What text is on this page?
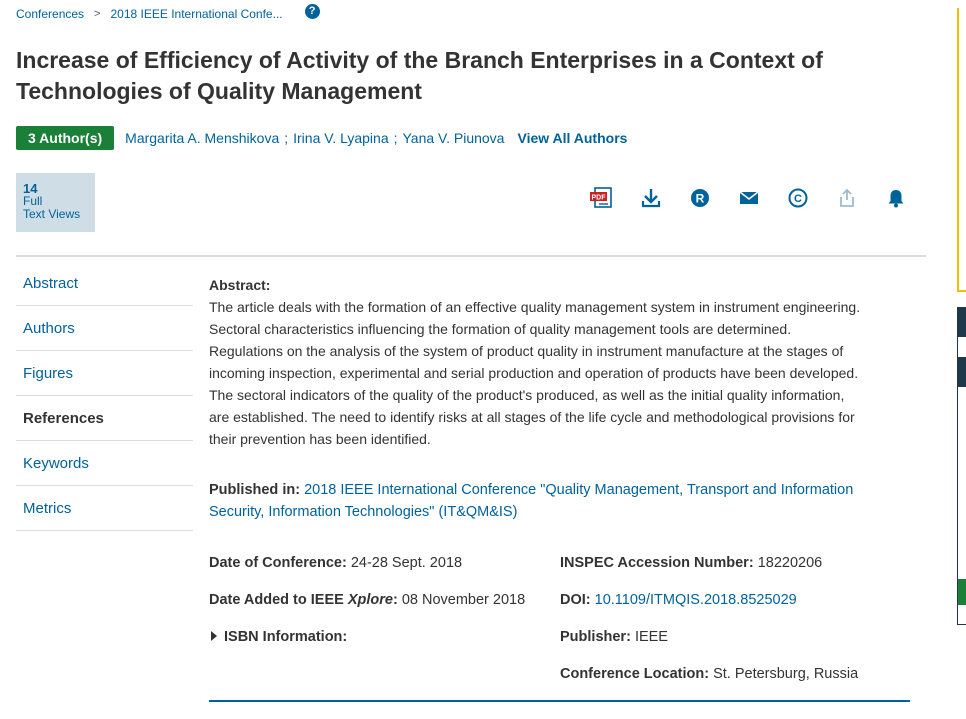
Conferences > 2018 IEEE International Confe...	?
Increase of Efficiency of Activity of the Branch Enterprises in a Context of Technologies of Quality Management
3 Author(s)	Margarita A. Menshikova ; Irina V. Lyapina ; Yana V. Piunova View All Authors
14
Full
Text Views
PDF	R	C
Abstract
Authors
Figures
References
Keywords
Metrics
Abstract:
The article deals with the formation of an effective quality management system in instrument engineering.
Sectoral characteristics influencing the formation of quality management tools are determined.
Regulations on the analysis of the system of product quality in instrument manufacture at the stages of
incoming inspection, experimental and serial production and operation of products have been developed.
The sectoral indicators of the quality of the product's produced, as well as the initial quality information,
are established. The need to identify risks at all stages of the life cycle and methodological provisions for
their prevention has been identified.
Published in: 2018 IEEE International Conference "Quality Management, Transport and Information
Security, Information Technologies" (IT&QM&IS)
Date of Conference: 24-28 Sept. 2018
Date Added to IEEE Xplore: 08 November 2018
ISBN Information:
INSPEC Accession Number: 18220206
DOI: 10.1109/ITMQIS.2018.8525029
Publisher: IEEE
Conference Location: St. Petersburg, Russia
